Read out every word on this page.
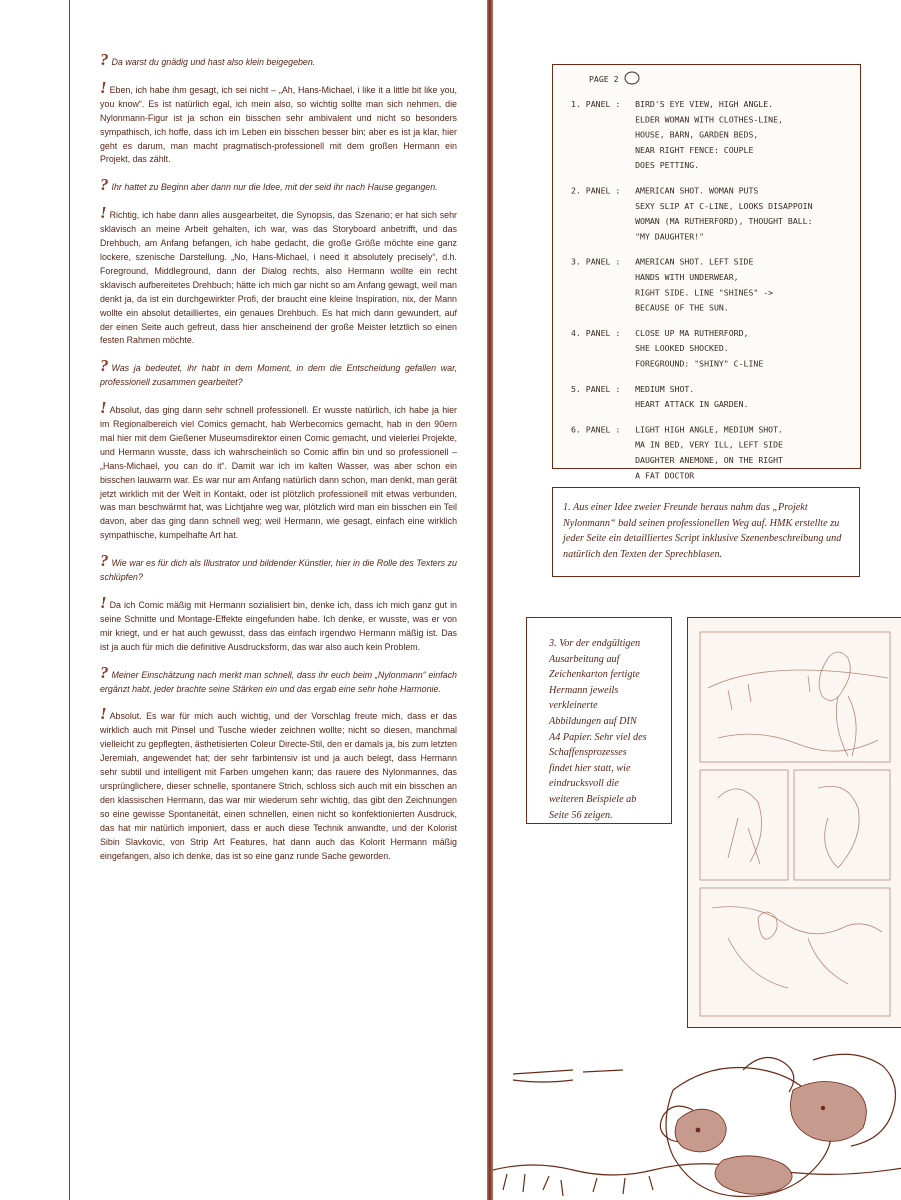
? Da warst du gnädig und hast also klein beigegeben.
! Eben, ich habe ihm gesagt, ich sei nicht – „Ah, Hans-Michael, i like it a little bit like you, you know“. Es ist natürlich egal, ich mein also, so wichtig sollte man sich nehmen, die Nylonmann-Figur ist ja schon ein bisschen sehr ambivalent und nicht so besonders sympathisch, ich hoffe, dass ich im Leben ein bisschen besser bin; aber es ist ja klar, hier geht es darum, man macht pragmatisch-professionell mit dem großen Hermann ein Projekt, das zählt.
? Ihr hattet zu Beginn aber dann nur die Idee, mit der seid ihr nach Hause gegangen.
! Richtig, ich habe dann alles ausgearbeitet, die Synopsis, das Szenario; er hat sich sehr sklavisch an meine Arbeit gehalten, ich war, was das Storyboard anbetrifft, und das Drehbuch, am Anfang befangen, ich habe gedacht, die große Größe möchte eine ganz lockere, szenische Darstellung. „No, Hans-Michael, i need it absolutely precisely“, d.h. Foreground, Middleground, dann der Dialog rechts, also Hermann wollte ein recht sklavisch aufbereitetes Drehbuch; hätte ich mich gar nicht so am Anfang gewagt, weil man denkt ja, da ist ein durchgewirkter Profi, der braucht eine kleine Inspiration, nix, der Mann wollte ein absolut detailliertes, ein genaues Drehbuch. Es hat mich dann gewundert, auf der einen Seite auch gefreut, dass hier anscheinend der große Meister letztlich so einen festen Rahmen möchte.
? Was ja bedeutet, ihr habt in dem Moment, in dem die Entscheidung gefallen war, professionell zusammen gearbeitet?
! Absolut, das ging dann sehr schnell professionell. Er wusste natürlich, ich habe ja hier im Regionalbereich viel Comics gemacht, hab Werbecomics gemacht, hab in den 90ern mal hier mit dem Gießener Museumsdirektor einen Comic gemacht, und vielerlei Projekte, und Hermann wusste, dass ich wahrscheinlich so Comic affin bin und so professionell – „Hans-Michael, you can do it“. Damit war ich im kalten Wasser, was aber schon ein bisschen lauwarm war. Es war nur am Anfang natürlich dann schon, man denkt, man gerät jetzt wirklich mit der Welt in Kontakt, oder ist plötzlich professionell mit etwas verbunden, was man beschwärmt hat, was Lichtjahre weg war, plötzlich wird man ein bisschen ein Teil davon, aber das ging dann schnell weg; weil Hermann, wie gesagt, einfach eine wirklich sympathische, kumpelhafte Art hat.
? Wie war es für dich als Illustrator und bildender Künstler, hier in die Rolle des Texters zu schlüpfen?
! Da ich Comic mäßig mit Hermann sozialisiert bin, denke ich, dass ich mich ganz gut in seine Schnitte und Montage-Effekte eingefunden habe. Ich denke, er wusste, was er von mir kriegt, und er hat auch gewusst, dass das einfach irgendwo Hermann mäßig ist. Das ist ja auch für mich die definitive Ausdrucksform, das war also auch kein Problem.
? Meiner Einschätzung nach merkt man schnell, dass ihr euch beim „Nylonmann“ einfach ergänzt habt, jeder brachte seine Stärken ein und das ergab eine sehr hohe Harmonie.
! Absolut. Es war für mich auch wichtig, und der Vorschlag freute mich, dass er das wirklich auch mit Pinsel und Tusche wieder zeichnen wollte; nicht so diesen, manchmal vielleicht zu gepflegten, ästhetisierten Coleur Directe-Stil, den er damals ja, bis zum letzten Jeremiah, angewendet hat; der sehr farbintensiv ist und ja auch belegt, dass Hermann sehr subtil und intelligent mit Farben umgehen kann; das rauere des Nylonmannes, das ursprünglichere, dieser schnelle, spontanere Strich, schloss sich auch mit ein bisschen an den klassischen Hermann, das war mir wiederum sehr wichtig, das gibt den Zeichnungen so eine gewisse Spontaneität, einen schnellen, einen nicht so konfektionierten Ausdruck, das hat mir natürlich imponiert, dass er auch diese Technik anwandte, und der Kolorist Sibin Slavkovic, von Strip Art Features, hat dann auch das Kolorit Hermann mäßig eingefangen, also ich denke, das ist so eine ganz runde Sache geworden.
PAGE 2
1. PANEL :   BIRD'S EYE VIEW, HIGH ANGLE.
ELDER WOMAN WITH CLOTHES-LINE,
HOUSE, BARN, GARDEN BEDS,
NEAR RIGHT FENCE: COUPLE
DOES PETTING.
2. PANEL :   AMERICAN SHOT. WOMAN PUTS
SEXY SLIP AT C-LINE, LOOKS DISAPPOIN
WOMAN (MA RUTHERFORD), THOUGHT BALL:
"MY DAUGHTER!"
3. PANEL :   AMERICAN SHOT. LEFT SIDE
HANDS WITH UNDERWEAR,
RIGHT SIDE. LINE "SHINES" ->
BECAUSE OF THE SUN.
4. PANEL :   CLOSE UP MA RUTHERFORD,
SHE LOOKED SHOCKED.
FOREGROUND: "SHINY" C-LINE
5. PANEL :   MEDIUM SHOT.
HEART ATTACK IN GARDEN.
6. PANEL :   LIGHT HIGH ANGLE, MEDIUM SHOT.
MA IN BED, VERY ILL, LEFT SIDE
DAUGHTER ANEMONE, ON THE RIGHT
A FAT DOCTOR
1. Aus einer Idee zweier Freunde heraus nahm das „Projekt Nylonmann“ bald seinen professionellen Weg auf. HMK erstellte zu jeder Seite ein detailliertes Script inklusive Szenenbeschreibung und natürlich den Texten der Sprechblasen.
3. Vor der endgültigen Ausarbeitung auf Zeichenkarton fertigte Hermann jeweils verkleinerte Abbildungen auf DIN A4 Papier. Sehr viel des Schaffensprozesses findet hier statt, wie eindrucksvoll die weiteren Beispiele ab Seite 56 zeigen.
